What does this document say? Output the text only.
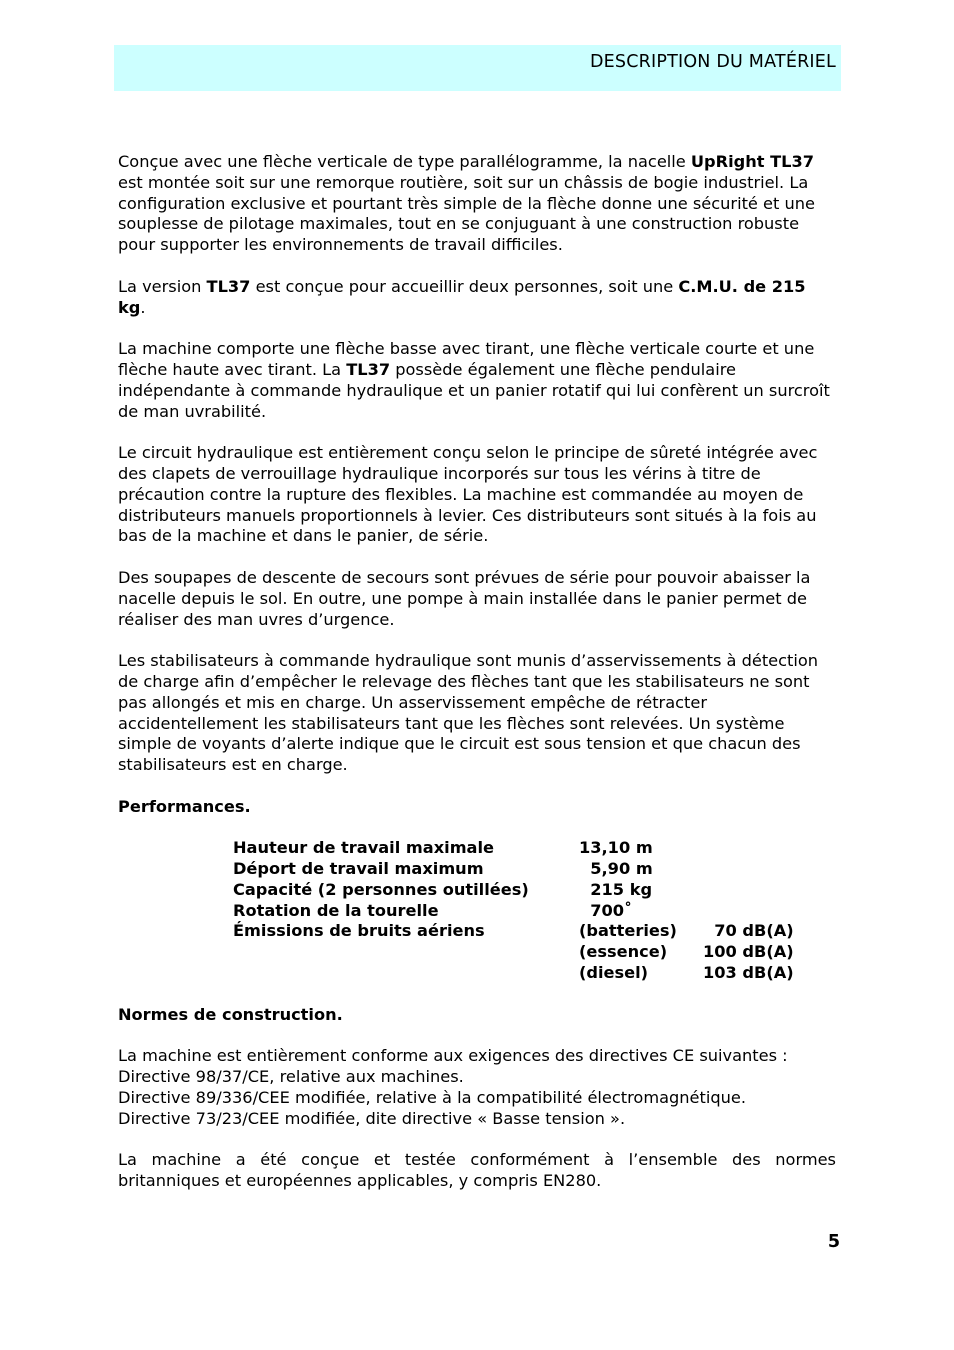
DESCRIPTION DU MATÉRIEL

Conçue avec une flèche verticale de type parallélogramme, la nacelle UpRight TL37 est montée soit sur une remorque routière, soit sur un châssis de bogie industriel. La configuration exclusive et pourtant très simple de la flèche donne une sécurité et une souplesse de pilotage maximales, tout en se conjuguant à une construction robuste pour supporter les environnements de travail difficiles.

La version TL37 est conçue pour accueillir deux personnes, soit une C.M.U. de 215 kg.

La machine comporte une flèche basse avec tirant, une flèche verticale courte et une flèche haute avec tirant. La TL37 possède également une flèche pendulaire indépendante à commande hydraulique et un panier rotatif qui lui confèrent un surcroît de man uvrabilité.

Le circuit hydraulique est entièrement conçu selon le principe de sûreté intégrée avec des clapets de verrouillage hydraulique incorporés sur tous les vérins à titre de précaution contre la rupture des flexibles. La machine est commandée au moyen de distributeurs manuels proportionnels à levier. Ces distributeurs sont situés à la fois au bas de la machine et dans le panier, de série.

Des soupapes de descente de secours sont prévues de série pour pouvoir abaisser la nacelle depuis le sol. En outre, une pompe à main installée dans le panier permet de réaliser des man uvres d’urgence.

Les stabilisateurs à commande hydraulique sont munis d’asservissements à détection de charge afin d’empêcher le relevage des flèches tant que les stabilisateurs ne sont pas allongés et mis en charge. Un asservissement empêche de rétracter accidentellement les stabilisateurs tant que les flèches sont relevées. Un système simple de voyants d’alerte indique que le circuit est sous tension et que chacun des stabilisateurs est en charge.

Performances.

Hauteur de travail maximale	13,10 m	
Déport de travail maximum	5,90 m	
Capacité (2 personnes outillées)	215 kg	
Rotation de la tourelle	700˚	
Émissions de bruits aériens	(batteries)	70 dB(A)
	(essence)	100 dB(A)
	(diesel)	103 dB(A)

Normes de construction.

La machine est entièrement conforme aux exigences des directives CE suivantes :
Directive 98/37/CE, relative aux machines.
Directive 89/336/CEE modifiée, relative à la compatibilité électromagnétique.
Directive 73/23/CEE modifiée, dite directive « Basse tension ».

La machine a été conçue et testée conformément à l’ensemble des normes britanniques et européennes applicables, y compris EN280.

5
